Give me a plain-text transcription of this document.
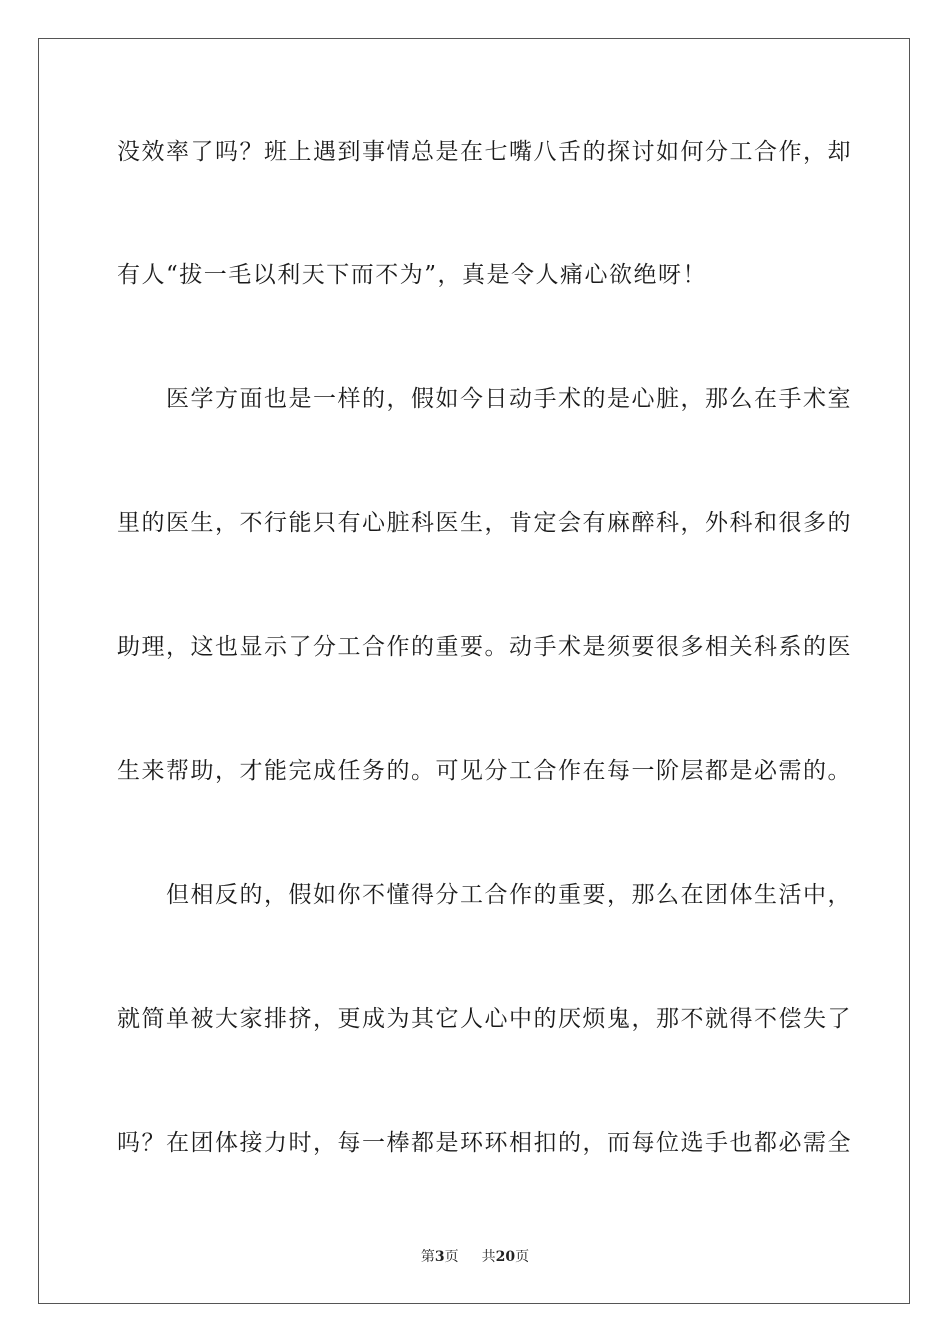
没效率了吗？班上遇到事情总是在七嘴八舌的探讨如何分工合作，却
有人“拔一毛以利天下而不为”，真是令人痛心欲绝呀！
医学方面也是一样的，假如今日动手术的是心脏，那么在手术室
里的医生，不行能只有心脏科医生，肯定会有麻醉科，外科和很多的
助理，这也显示了分工合作的重要。动手术是须要很多相关科系的医
生来帮助，才能完成任务的。可见分工合作在每一阶层都是必需的。
但相反的，假如你不懂得分工合作的重要，那么在团体生活中，
就简单被大家排挤，更成为其它人心中的厌烦鬼，那不就得不偿失了
吗？在团体接力时，每一棒都是环环相扣的，而每位选手也都必需全
第3页 共20页
